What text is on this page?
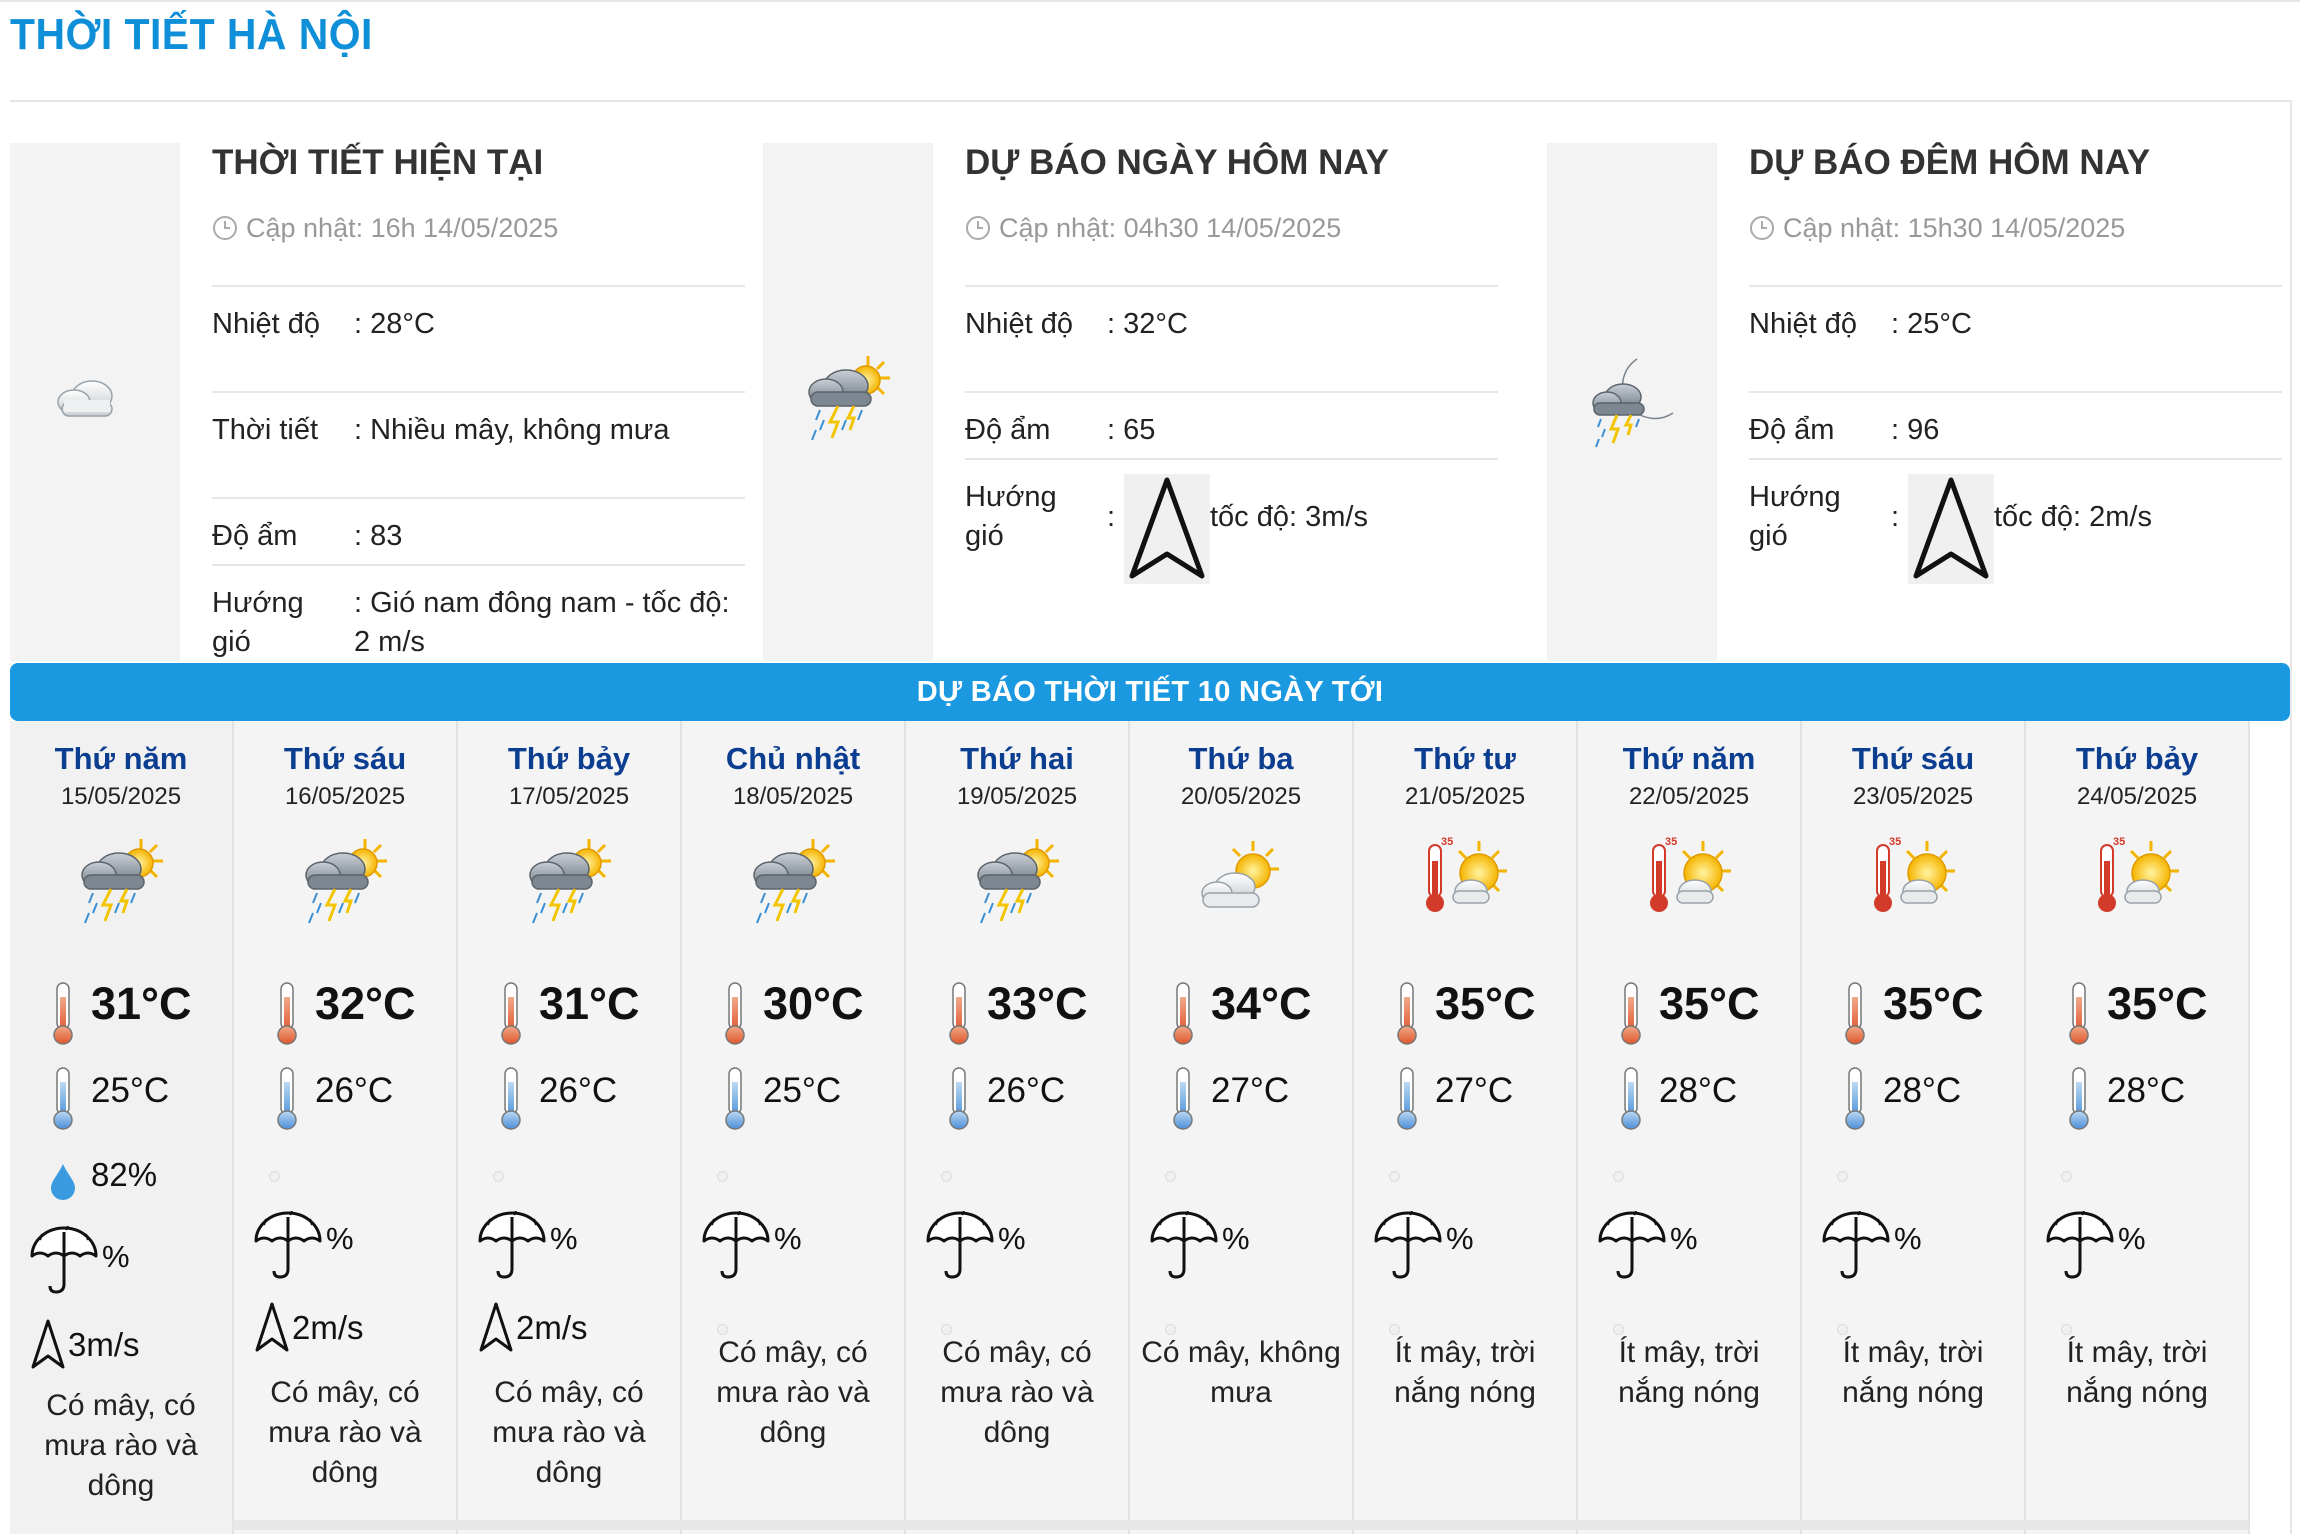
THỜI TIẾT HÀ NỘI
THỜI TIẾT HIỆN TẠI
Cập nhật: 16h 14/05/2025
Nhiệt độ	: 28°C
Thời tiết	: Nhiều mây, không mưa
Độ ẩm	: 83
Hướng gió
: Gió nam đông nam - tốc độ: 2 m/s
DỰ BÁO NGÀY HÔM NAY
Cập nhật: 04h30 14/05/2025
Nhiệt độ	: 32°C
Độ ẩm	: 65
Hướng gió
:	tốc độ: 3m/s
DỰ BÁO ĐÊM HÔM NAY
Cập nhật: 15h30 14/05/2025
Nhiệt độ	: 25°C
Độ ẩm	: 96
Hướng gió
:	tốc độ: 2m/s
DỰ BÁO THỜI TIẾT 10 NGÀY TỚI
Thứ năm
15/05/2025
31°C
25°C
82%
%
3m/s
Có mây, có mưa rào và dông
Thứ sáu
16/05/2025
32°C
26°C
%
2m/s
Có mây, có mưa rào và dông
Thứ bảy
17/05/2025
31°C
26°C
%
2m/s
Có mây, có mưa rào và dông
Chủ nhật
18/05/2025
30°C
25°C
%
Có mây, có mưa rào và dông
Thứ hai
19/05/2025
33°C
26°C
%
Có mây, có mưa rào và dông
Thứ ba
20/05/2025
34°C
27°C
%
Có mây, không mưa
Thứ tư
21/05/2025
35
35°C
27°C
%
Ít mây, trời nắng nóng
Thứ năm
22/05/2025
35
35°C
28°C
%
Ít mây, trời nắng nóng
Thứ sáu
23/05/2025
35
35°C
28°C
%
Ít mây, trời nắng nóng
Thứ bảy
24/05/2025
35
35°C
28°C
%
Ít mây, trời nắng nóng
